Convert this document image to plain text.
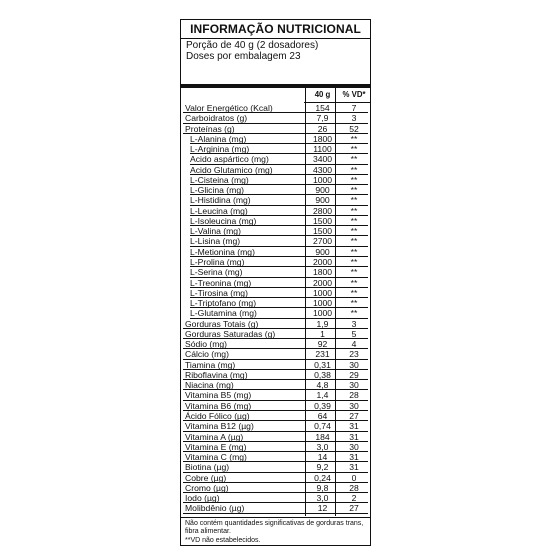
INFORMAÇÃO NUTRICIONAL
Porção de 40 g (2 dosadores)
Doses por embalagem 23
40 g	% VD*
Valor Energético (Kcal)	154	7
Carboidratos (g)	7,9	3
Proteínas (g)	26	52
L-Alanina (mg)	1800	**
L-Arginina (mg)	1100	**
Acido aspártico (mg)	3400	**
Acido Glutamico (mg)	4300	**
L-Cisteina (mg)	1000	**
L-Glicina (mg)	900	**
L-Histidina (mg)	900	**
L-Leucina (mg)	2800	**
L-Isoleucina (mg)	1500	**
L-Valina (mg)	1500	**
L-Lisina (mg)	2700	**
L-Metionina (mg)	900	**
L-Prolina (mg)	2000	**
L-Serina (mg)	1800	**
L-Treonina (mg)	2000	**
L-Tirosina (mg)	1000	**
L-Triptofano (mg)	1000	**
L-Glutamina (mg)	1000	**
Gorduras Totais (g)	1,9	3
Gorduras Saturadas (g)	1	5
Sódio (mg)	92	4
Cálcio (mg)	231	23
Tiamina (mg)	0,31	30
Riboflavina (mg)	0,38	29
Niacina (mg)	4,8	30
Vitamina B5 (mg)	1,4	28
Vitamina B6 (mg)	0,39	30
Ácido Fólico (µg)	64	27
Vitamina B12 (µg)	0,74	31
Vitamina A (µg)	184	31
Vitamina E (mg)	3,0	30
Vitamina C (mg)	14	31
Biotina (µg)	9,2	31
Cobre (µg)	0,24	0
Cromo (µg)	9,8	28
Iodo (µg)	3,0	2
Molibdênio (µg)	12	27
Não contém quantidades significativas de gorduras trans, fibra alimentar.
**VD não estabelecidos.
